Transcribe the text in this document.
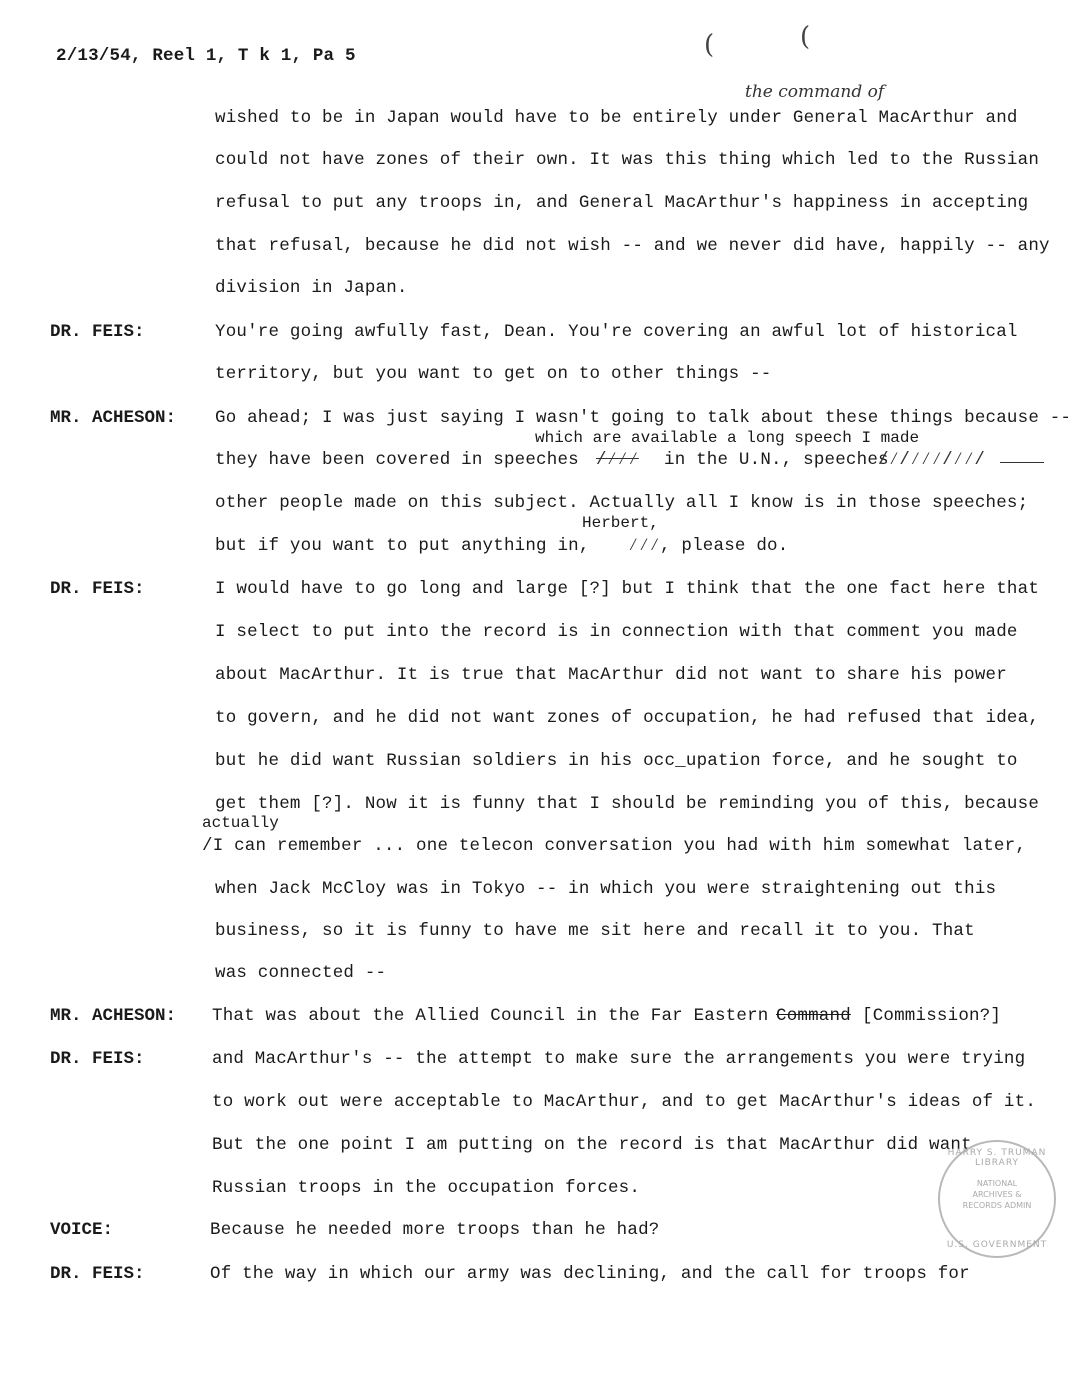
2/13/54, Reel 1, T k 1, Pa 5	(	(
the command of
wished to be in Japan would have to be entirely under General MacArthur and
could not have zones of their own. It was this thing which led to the Russian
refusal to put any troops in, and General MacArthur's happiness in accepting
that refusal, because he did not wish -- and we never did have, happily -- any
division in Japan.
DR. FEIS:	You're going awfully fast, Dean. You're covering an awful lot of historical
territory, but you want to get on to other things --
MR. ACHESON: Go ahead; I was just saying I wasn't going to talk about these things because --
which are available a long speech I made
they have been covered in speeches /∕∕∕ in the U.N., speeches
/∕/∕∕∕/∕∕/
other people made on this subject. Actually all I know is in those speeches;
Herbert,
but if you want to put anything in, ∕∕∕ , please do.
DR. FEIS:	I would have to go long and large [?] but I think that the one fact here that
I select to put into the record is in connection with that comment you made
about MacArthur. It is true that MacArthur did not want to share his power
to govern, and he did not want zones of occupation, he had refused that idea,
but he did want Russian soldiers in his occ_upation force, and he sought to
get them [?]. Now it is funny that I should be reminding you of this, because
actually
/I can remember ... one telecon conversation you had with him somewhat later,
when Jack McCloy was in Tokyo -- in which you were straightening out this
business, so it is funny to have me sit here and recall it to you. That
was connected --
MR. ACHESON: That was about the Allied Council in the Far Eastern Command [Commission?]
DR. FEIS:	and MacArthur's -- the attempt to make sure the arrangements you were trying
to work out were acceptable to MacArthur, and to get MacArthur's ideas of it.
But the one point I am putting on the record is that MacArthur did want
Russian troops in the occupation forces.
VOICE:	Because he needed more troops than he had?
DR. FEIS:	Of the way in which our army was declining, and the call for troops for
HARRY S. TRUMAN LIBRARY
NATIONAL ARCHIVES & RECORDS ADMIN
U.S. GOVERNMENT
